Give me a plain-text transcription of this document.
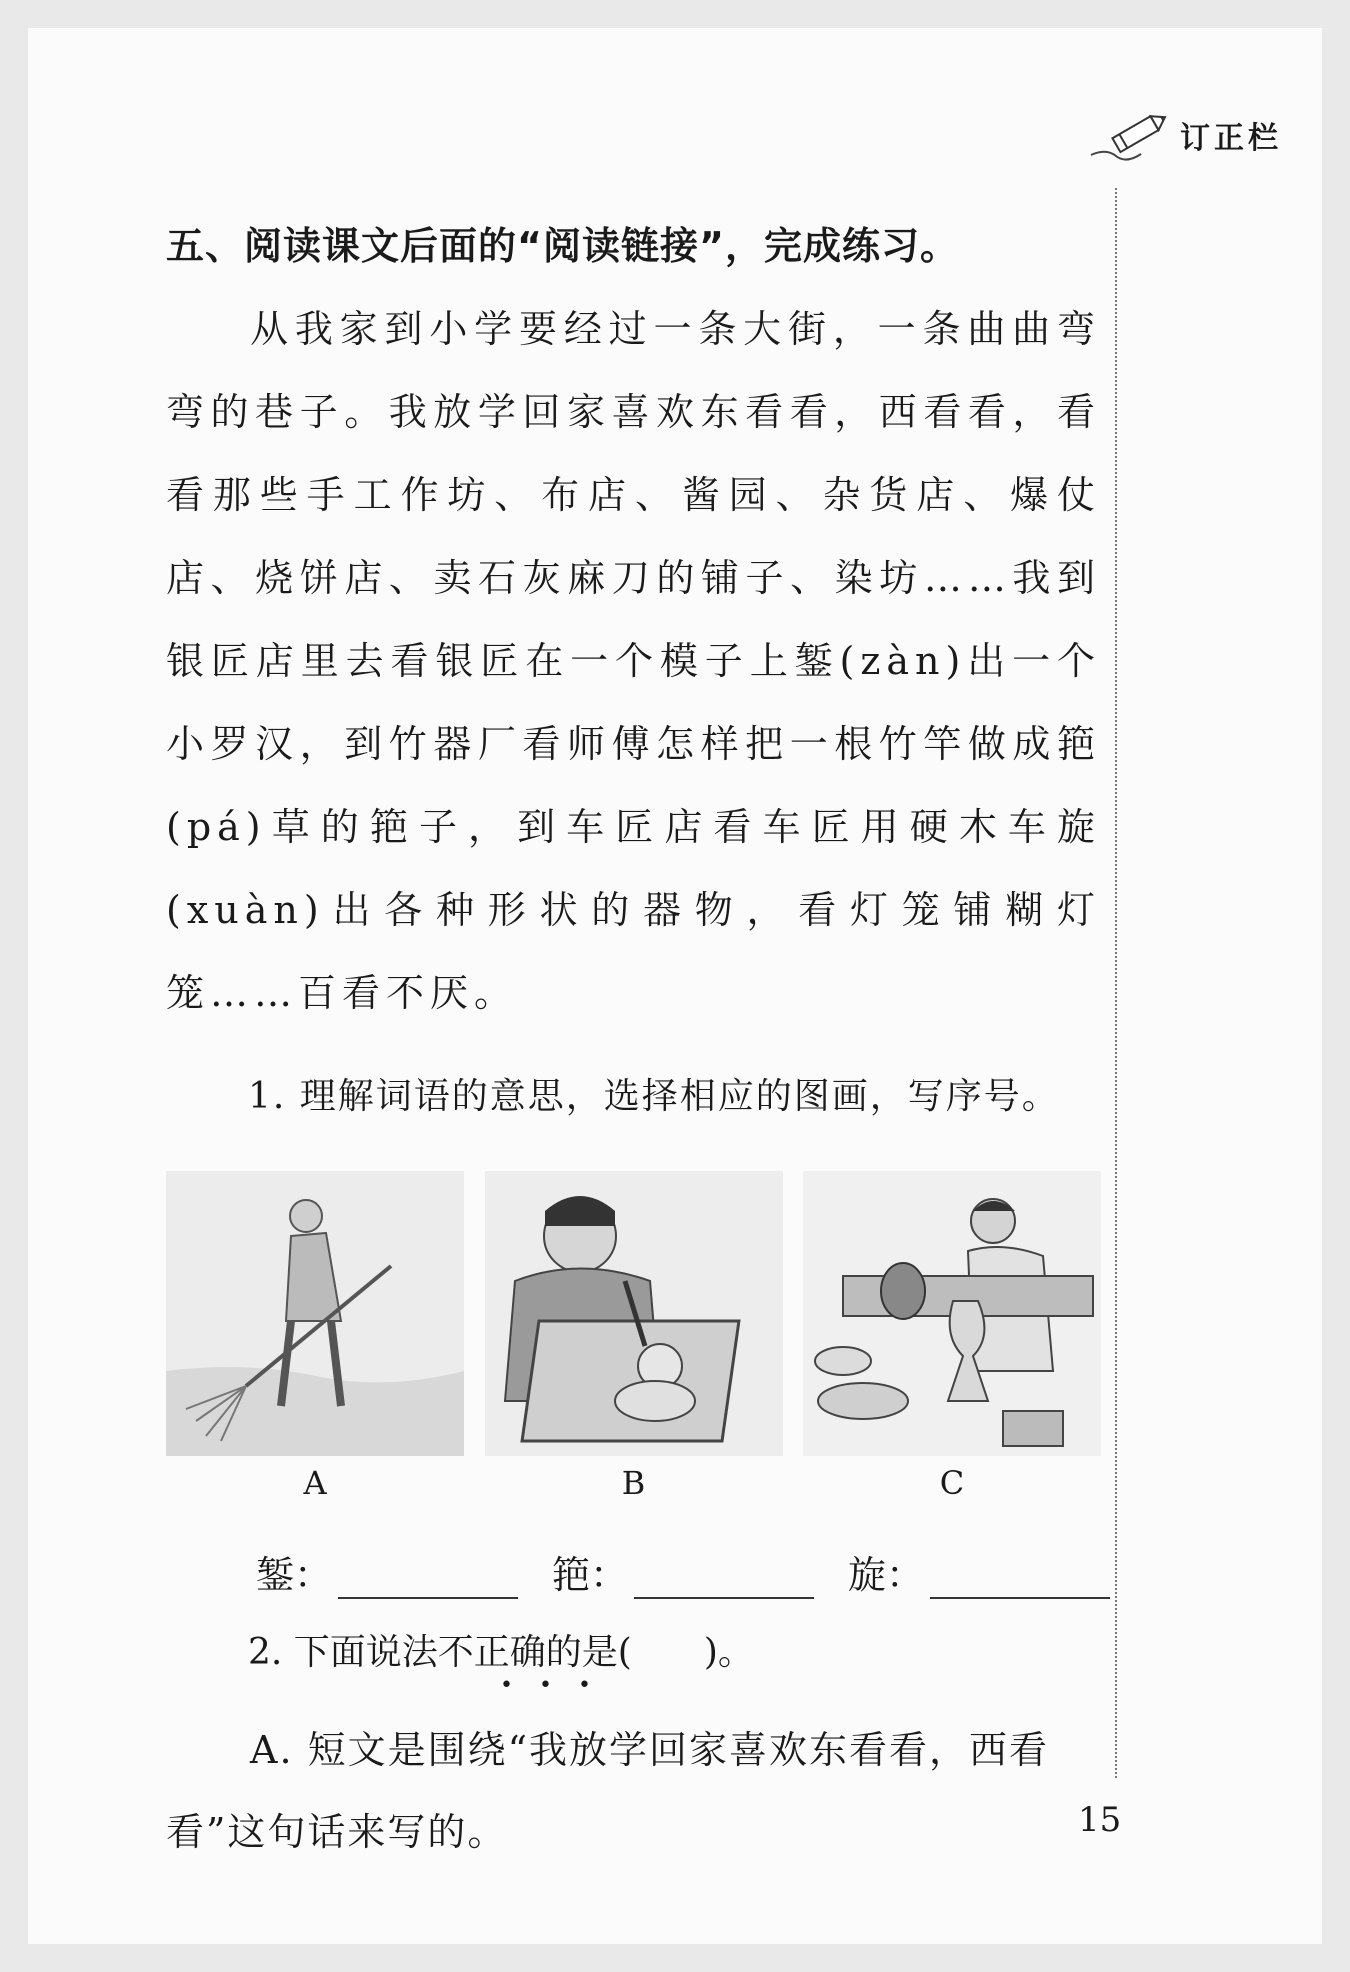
订正栏
五、阅读课文后面的“阅读链接”，完成练习。

从我家到小学要经过一条大街，一条曲曲弯弯的巷子。我放学回家喜欢东看看，西看看，看看那些手工作坊、布店、酱园、杂货店、爆仗店、烧饼店、卖石灰麻刀的铺子、染坊……我到银匠店里去看银匠在一个模子上錾(zàn)出一个小罗汉，到竹器厂看师傅怎样把一根竹竿做成筢(pá)草的筢子，到车匠店看车匠用硬木车旋(xuàn)出各种形状的器物，看灯笼铺糊灯笼……百看不厌。

1. 理解词语的意思，选择相应的图画，写序号。
A	B	C
錾：	筢：	旋：
2. 下面说法不正确的是(　　)。
•••
A. 短文是围绕“我放学回家喜欢东看看，西看看”这句话来写的。	15
